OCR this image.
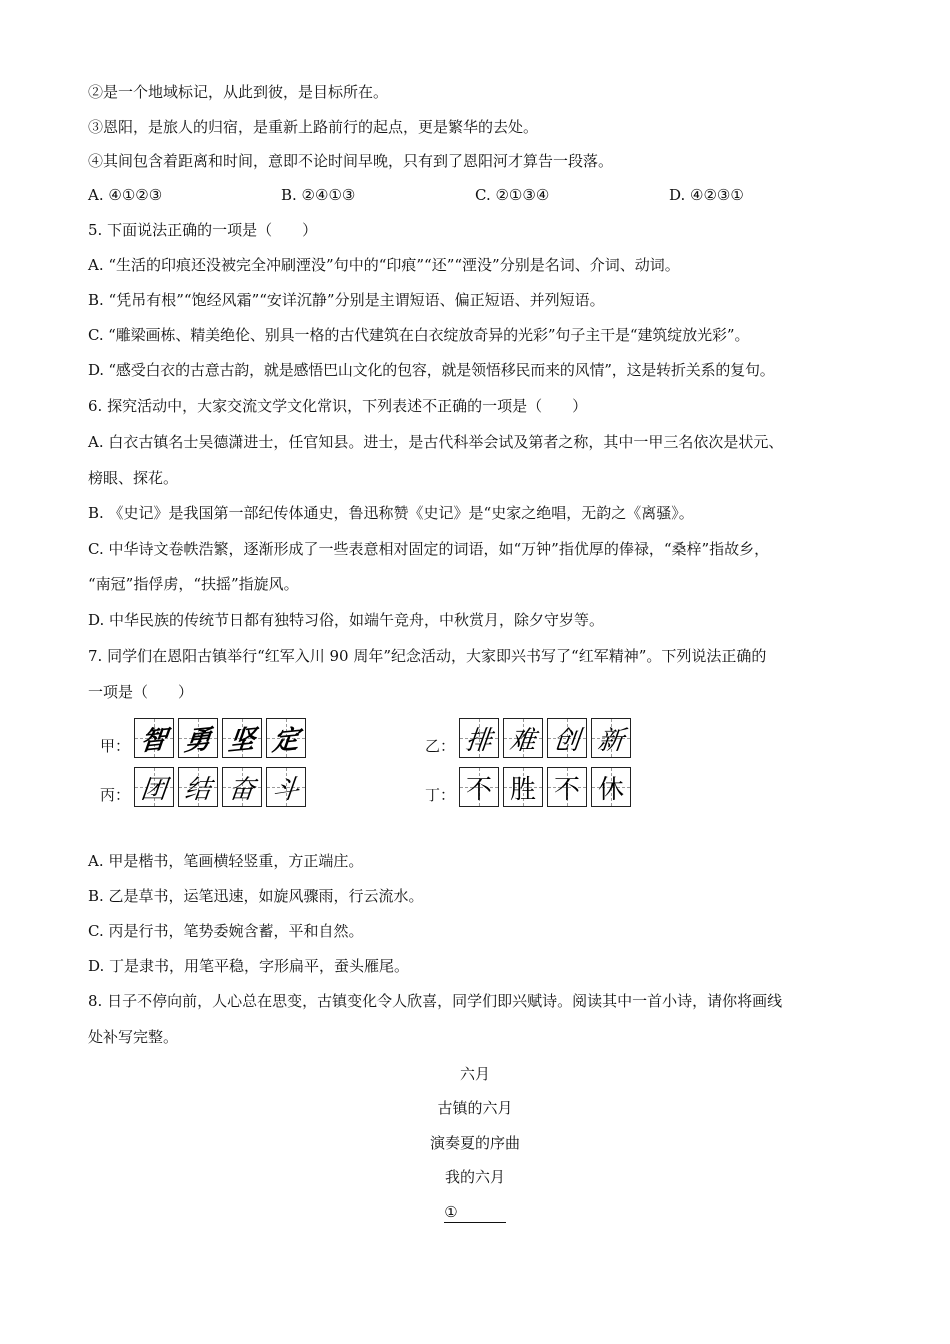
②是一个地域标记，从此到彼，是目标所在。
③恩阳，是旅人的归宿，是重新上路前行的起点，更是繁华的去处。
④其间包含着距离和时间，意即不论时间早晚，只有到了恩阳河才算告一段落。
A. ④①②③	B. ②④①③	C. ②①③④	D. ④②③①
5. 下面说法正确的一项是（　　）
A. “生活的印痕还没被完全冲刷湮没”句中的“印痕”“还”“湮没”分别是名词、介词、动词。
B. “凭吊有根”“饱经风霜”“安详沉静”分别是主谓短语、偏正短语、并列短语。
C. “雕梁画栋、精美绝伦、别具一格的古代建筑在白衣绽放奇异的光彩”句子主干是“建筑绽放光彩”。
D. “感受白衣的古意古韵，就是感悟巴山文化的包容，就是领悟移民而来的风情”，这是转折关系的复句。
6. 探究活动中，大家交流文学文化常识，下列表述不正确的一项是（　　）
A. 白衣古镇名士吴德潇进士，任官知县。进士，是古代科举会试及第者之称，其中一甲三名依次是状元、
榜眼、探花。
B. 《史记》是我国第一部纪传体通史，鲁迅称赞《史记》是“史家之绝唱，无韵之《离骚》。
C. 中华诗文卷帙浩繁，逐渐形成了一些表意相对固定的词语，如“万钟”指优厚的俸禄，“桑梓”指故乡，
“南冠”指俘虏，“扶摇”指旋风。
D. 中华民族的传统节日都有独特习俗，如端午竞舟，中秋赏月，除夕守岁等。
7. 同学们在恩阳古镇举行“红军入川 90 周年”纪念活动，大家即兴书写了“红军精神”。下列说法正确的
一项是（　　）
甲： 智 勇 坚 定	乙： 排 难 创 新
丙： 团 结 奋 斗	丁： 不 胜 不 休
A. 甲是楷书，笔画横轻竖重，方正端庄。
B. 乙是草书，运笔迅速，如旋风骤雨，行云流水。
C. 丙是行书，笔势委婉含蓄，平和自然。
D. 丁是隶书，用笔平稳，字形扁平，蚕头雁尾。
8. 日子不停向前，人心总在思变，古镇变化令人欣喜，同学们即兴赋诗。阅读其中一首小诗，请你将画线
处补写完整。
六月
古镇的六月
演奏夏的序曲
我的六月
①
